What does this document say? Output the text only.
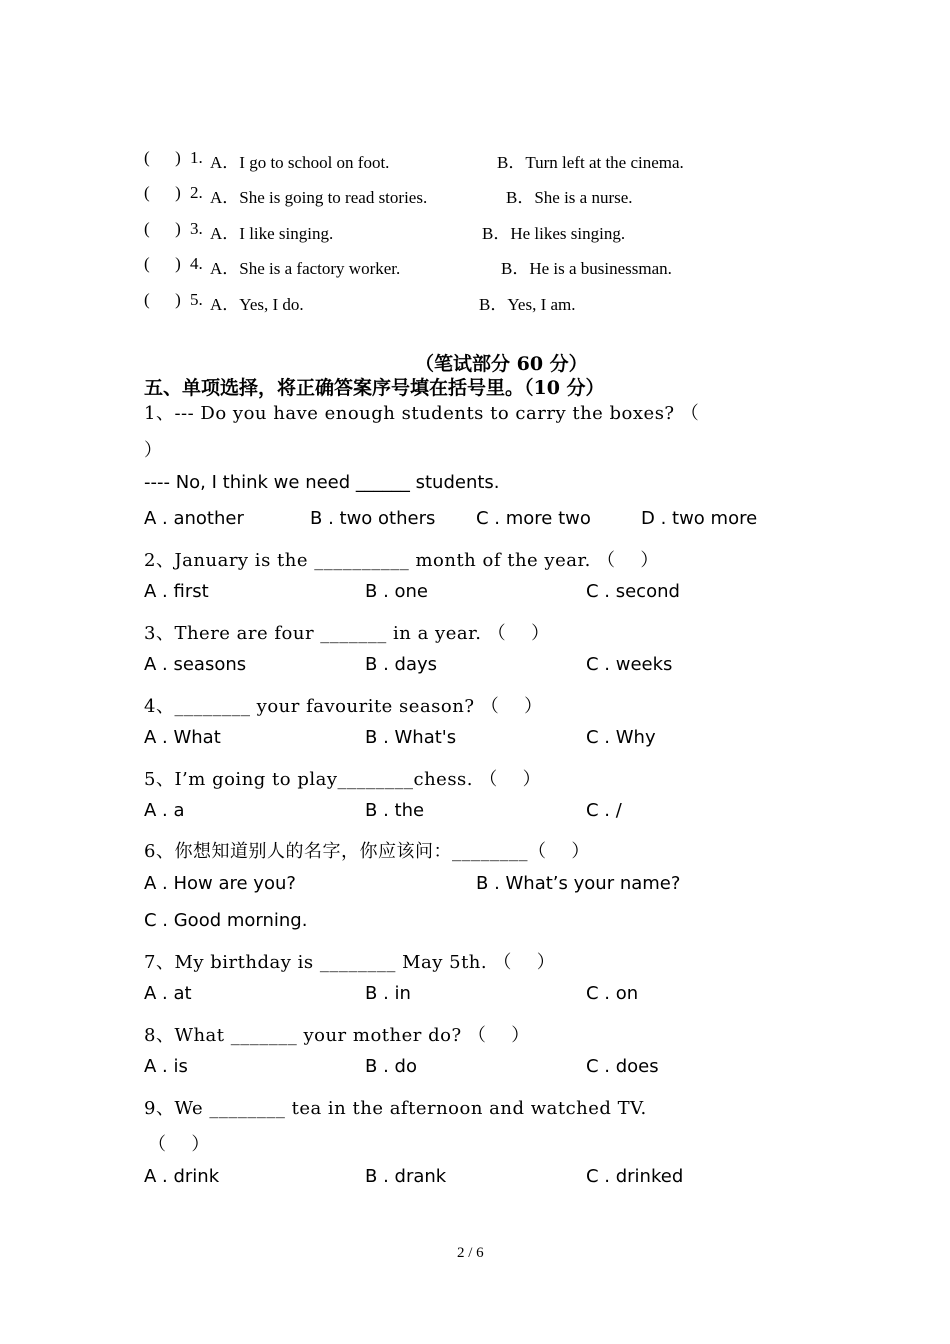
(      ) 1. A．I go to school on foot.	B．Turn left at the cinema.
(      ) 2. A．She is going to read stories.	B．She is a nurse.
(      ) 3. A．I like singing.	B．He likes singing.
(      ) 4. A．She is a factory worker.	B．He is a businessman.
(      ) 5. A．Yes, I do.	B．Yes, I am.
（笔试部分 60 分）
五、单项选择，将正确答案序号填在括号里。（10 分）
1、--- Do you have enough students to carry the boxes? （
）
---- No, I think we need ______ students.
A . another	B . two others C . more two	D . two more
2、January is the __________ month of the year. （    ）
A . first	B . one	C . second
3、There are four _______ in a year. （    ）
A . seasons	B . days	C . weeks
4、________ your favourite season? （    ）
A . What	B . What's	C . Why
5、I’m going to play________chess. （    ）
A . a	B . the	C . /
6、你想知道别人的名字，你应该问：________（    ）
A . How are you?	B . What’s your name?
C . Good morning.
7、My birthday is ________ May 5th. （    ）
A . at	B . in	C . on
8、What _______ your mother do? （    ）
A . is	B . do	C . does
9、We ________ tea in the afternoon and watched TV.
（    ）
A . drink	B . drank	C . drinked
2 / 6
